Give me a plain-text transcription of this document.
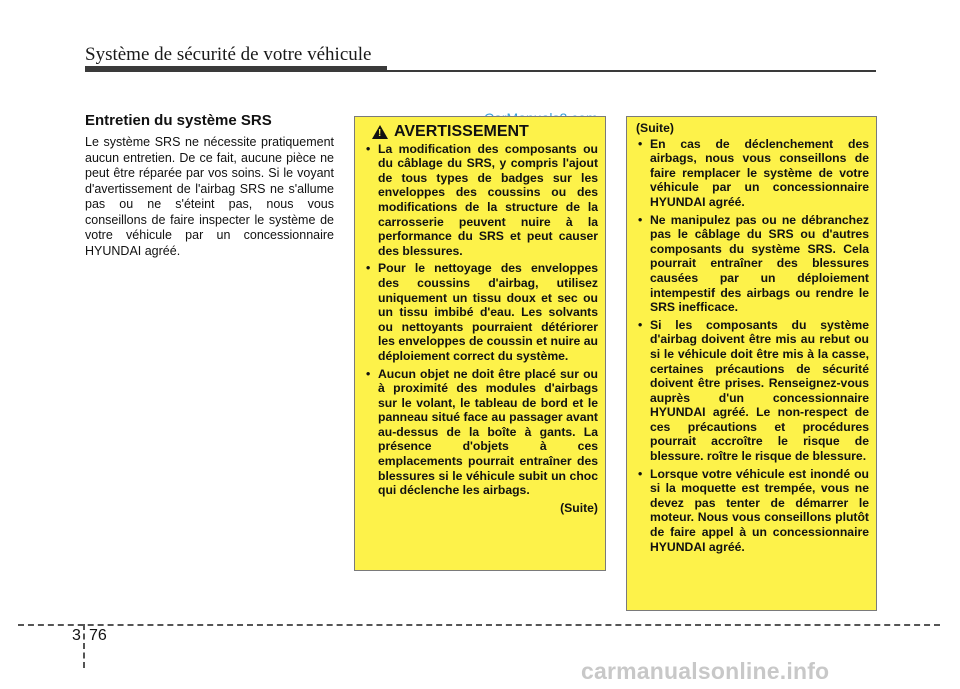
Système de sécurité de votre véhicule
Entretien du système SRS

Le système SRS ne nécessite pratiquement aucun entretien. De ce fait, aucune pièce ne peut être réparée par vos soins. Si le voyant d'avertissement de l'airbag SRS ne s'allume pas ou ne s'éteint pas, nous vous conseillons de faire inspecter le système de votre véhicule par un concessionnaire HYUNDAI agréé.

!
AVERTISSEMENT
• La modification des composants ou du câblage du SRS, y compris l'ajout de tous types de badges sur les enveloppes des coussins ou des modifications de la structure de la carrosserie peuvent nuire à la performance du SRS et peut causer des blessures.
• Pour le nettoyage des enveloppes des coussins d'airbag, utilisez uniquement un tissu doux et sec ou un tissu imbibé d'eau. Les solvants ou nettoyants pourraient détériorer les enveloppes de coussin et nuire au déploiement correct du système.
• Aucun objet ne doit être placé sur ou à proximité des modules d'airbags sur le volant, le tableau de bord et le panneau situé face au passager avant au-dessus de la boîte à gants. La présence d'objets à ces emplacements pourrait entraîner des blessures si le véhicule subit un choc qui déclenche les airbags.
(Suite)
(Suite)
• En cas de déclenchement des airbags, nous vous conseillons de faire remplacer le système de votre véhicule par un concessionnaire HYUNDAI agréé.
• Ne manipulez pas ou ne débranchez pas le câblage du SRS ou d'autres composants du système SRS. Cela pourrait entraîner des blessures causées par un déploiement intempestif des airbags ou rendre le SRS inefficace.
• Si les composants du système d'airbag doivent être mis au rebut ou si le véhicule doit être mis à la casse, certaines précautions de sécurité doivent être prises. Renseignez-vous auprès d'un concessionnaire HYUNDAI agréé. Le non-respect de ces précautions et procédures pourrait accroître le risque de blessure. roître le risque de blessure.
• Lorsque votre véhicule est inondé ou si la moquette est trempée, vous ne devez pas tenter de démarrer le moteur. Nous vous conseillons plutôt de faire appel à un concessionnaire HYUNDAI agréé.
3 76
carmanualsonline.info
